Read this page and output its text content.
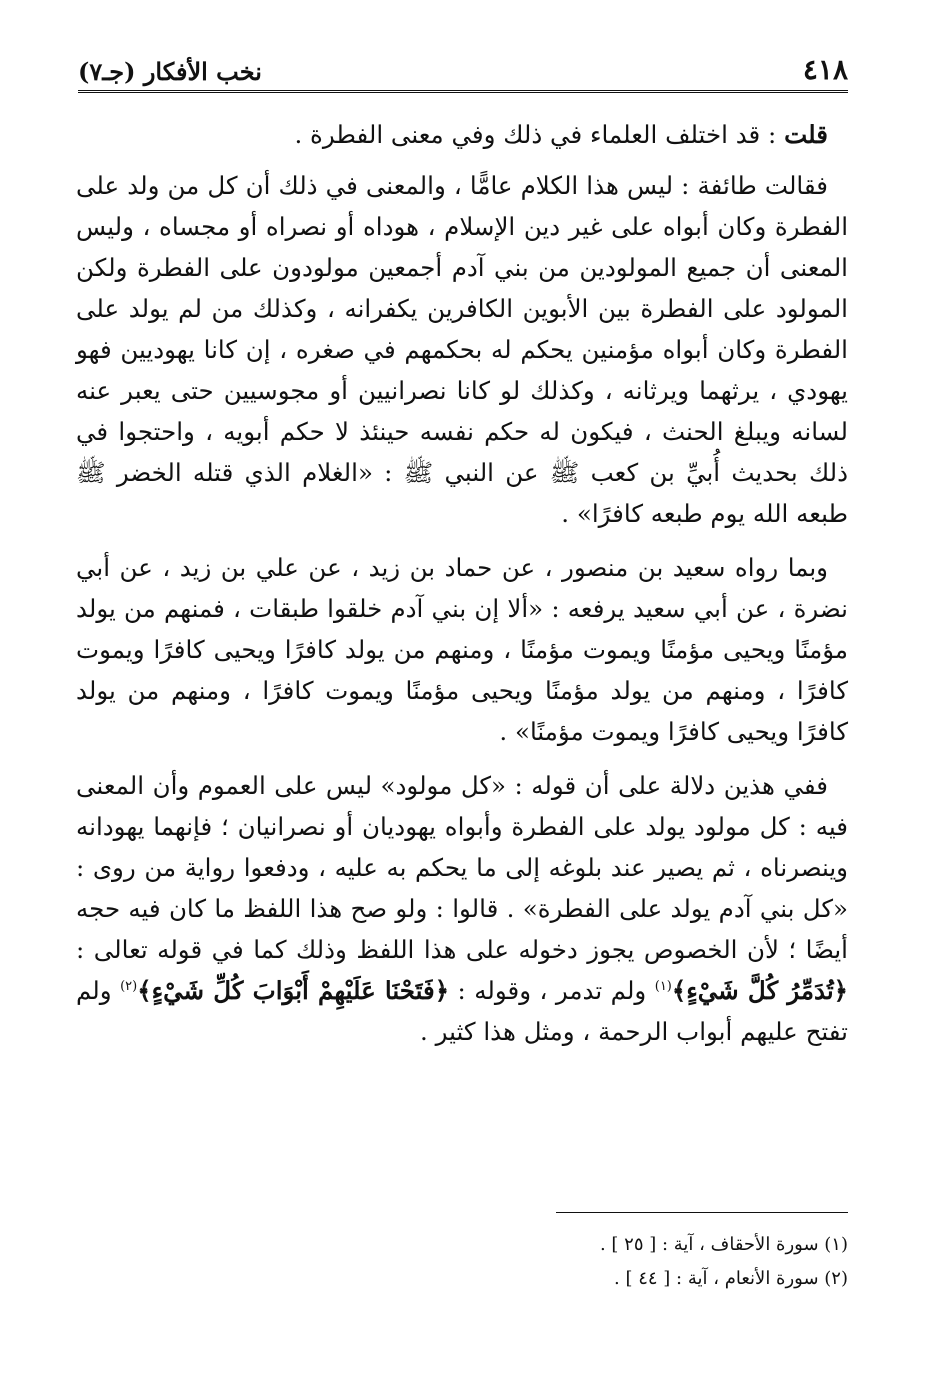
٤١٨
نخب الأفكار (جـ٧)

قلت : قد اختلف العلماء في ذلك وفي معنى الفطرة .

فقالت طائفة : ليس هذا الكلام عامًّا ، والمعنى في ذلك أن كل من ولد على الفطرة وكان أبواه على غير دين الإسلام ، هوداه أو نصراه أو مجساه ، وليس المعنى أن جميع المولودين من بني آدم أجمعين مولودون على الفطرة ولكن المولود على الفطرة بين الأبوين الكافرين يكفرانه ، وكذلك من لم يولد على الفطرة وكان أبواه مؤمنين يحكم له بحكمهم في صغره ، إن كانا يهوديين فهو يهودي ، يرثهما ويرثانه ، وكذلك لو كانا نصرانيين أو مجوسيين حتى يعبر عنه لسانه ويبلغ الحنث ، فيكون له حكم نفسه حينئذ لا حكم أبويه ، واحتجوا في ذلك بحديث أُبيِّ بن كعب ﷺ عن النبي ﷺ : «الغلام الذي قتله الخضر ﷺ طبعه الله يوم طبعه كافرًا» .

وبما رواه سعيد بن منصور ، عن حماد بن زيد ، عن علي بن زيد ، عن أبي نضرة ، عن أبي سعيد يرفعه : «ألا إن بني آدم خلقوا طبقات ، فمنهم من يولد مؤمنًا ويحيى مؤمنًا ويموت مؤمنًا ، ومنهم من يولد كافرًا ويحيى كافرًا ويموت كافرًا ، ومنهم من يولد مؤمنًا ويحيى مؤمنًا ويموت كافرًا ، ومنهم من يولد كافرًا ويحيى كافرًا ويموت مؤمنًا» .

ففي هذين دلالة على أن قوله : «كل مولود» ليس على العموم وأن المعنى فيه : كل مولود يولد على الفطرة وأبواه يهوديان أو نصرانيان ؛ فإنهما يهودانه وينصرناه ، ثم يصير عند بلوغه إلى ما يحكم به عليه ، ودفعوا رواية من روى : «كل بني آدم يولد على الفطرة» . قالوا : ولو صح هذا اللفظ ما كان فيه حجه أيضًا ؛ لأن الخصوص يجوز دخوله على هذا اللفظ وذلك كما في قوله تعالى : ﴿تُدَمِّرُ كُلَّ شَيْءٍ﴾$^{(١)}$ ولم تدمر ، وقوله : ﴿فَتَحْنَا عَلَيْهِمْ أَبْوَابَ كُلِّ شَيْءٍ﴾$^{(٢)}$ ولم تفتح عليهم أبواب الرحمة ، ومثل هذا كثير .

(١) سورة الأحقاف ، آية : [ ٢٥ ] .

(٢) سورة الأنعام ، آية : [ ٤٤ ] .
